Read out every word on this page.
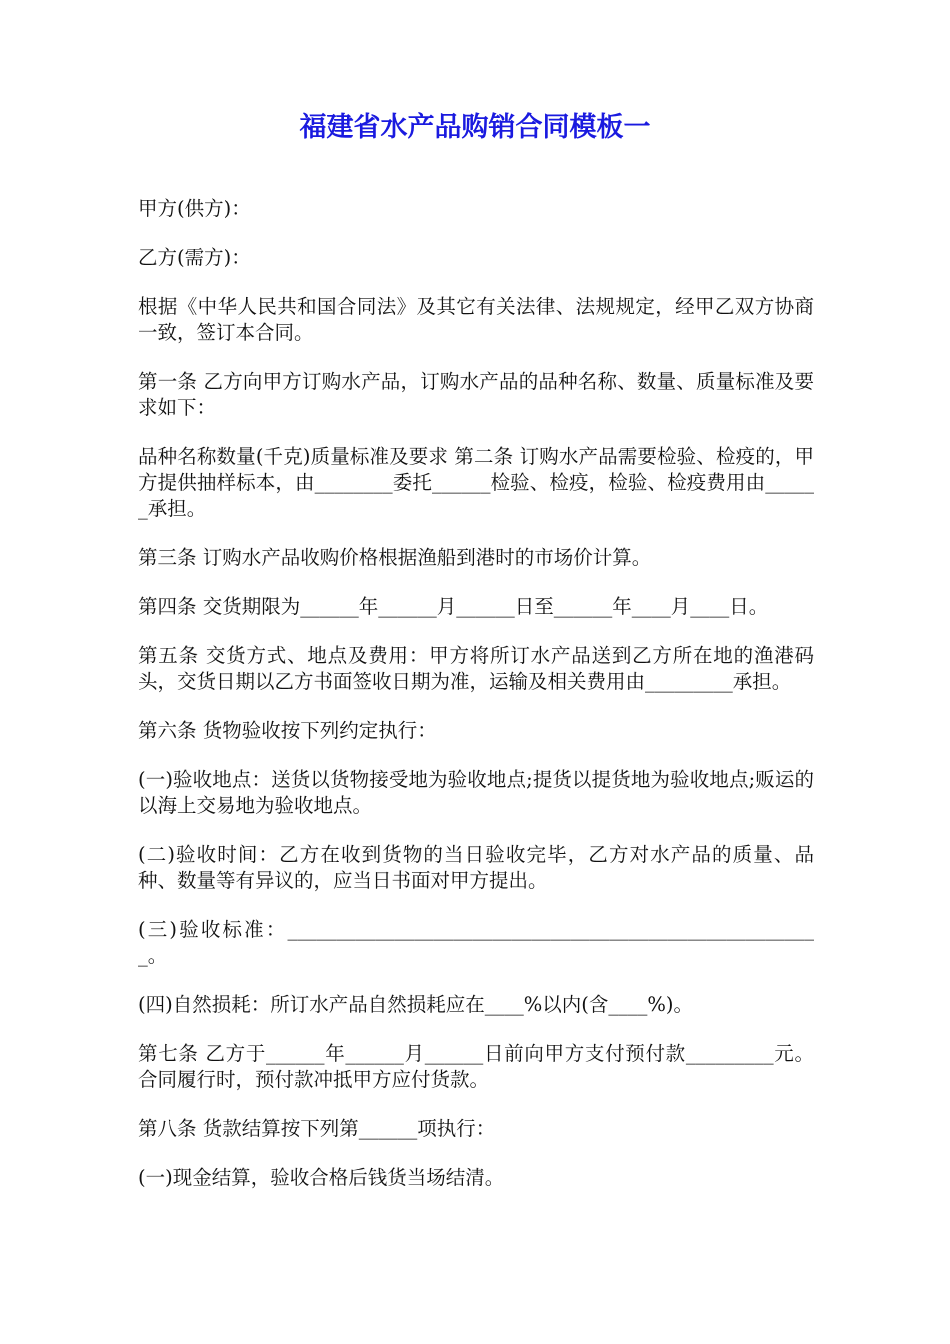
福建省水产品购销合同模板一

甲方(供方)：

乙方(需方)：

根据《中华人民共和国合同法》及其它有关法律、法规规定，经甲乙双方协商一致，签订本合同。

第一条 乙方向甲方订购水产品，订购水产品的品种名称、数量、质量标准及要求如下：

品种名称数量(千克)质量标准及要求 第二条 订购水产品需要检验、检疫的，甲方提供抽样标本，由________委托______检验、检疫，检验、检疫费用由______承担。

第三条 订购水产品收购价格根据渔船到港时的市场价计算。

第四条 交货期限为______年______月______日至______年____月____日。

第五条 交货方式、地点及费用：甲方将所订水产品送到乙方所在地的渔港码头，交货日期以乙方书面签收日期为准，运输及相关费用由_________承担。

第六条 货物验收按下列约定执行：

(一)验收地点：送货以货物接受地为验收地点;提货以提货地为验收地点;贩运的以海上交易地为验收地点。

(二)验收时间：乙方在收到货物的当日验收完毕，乙方对水产品的质量、品种、数量等有异议的，应当日书面对甲方提出。

(三)验收标准：_______________________________________________________。

(四)自然损耗：所订水产品自然损耗应在____%以内(含____%)。

第七条 乙方于______年______月______日前向甲方支付预付款_________元。合同履行时，预付款冲抵甲方应付货款。

第八条 货款结算按下列第______项执行：

(一)现金结算，验收合格后钱货当场结清。
